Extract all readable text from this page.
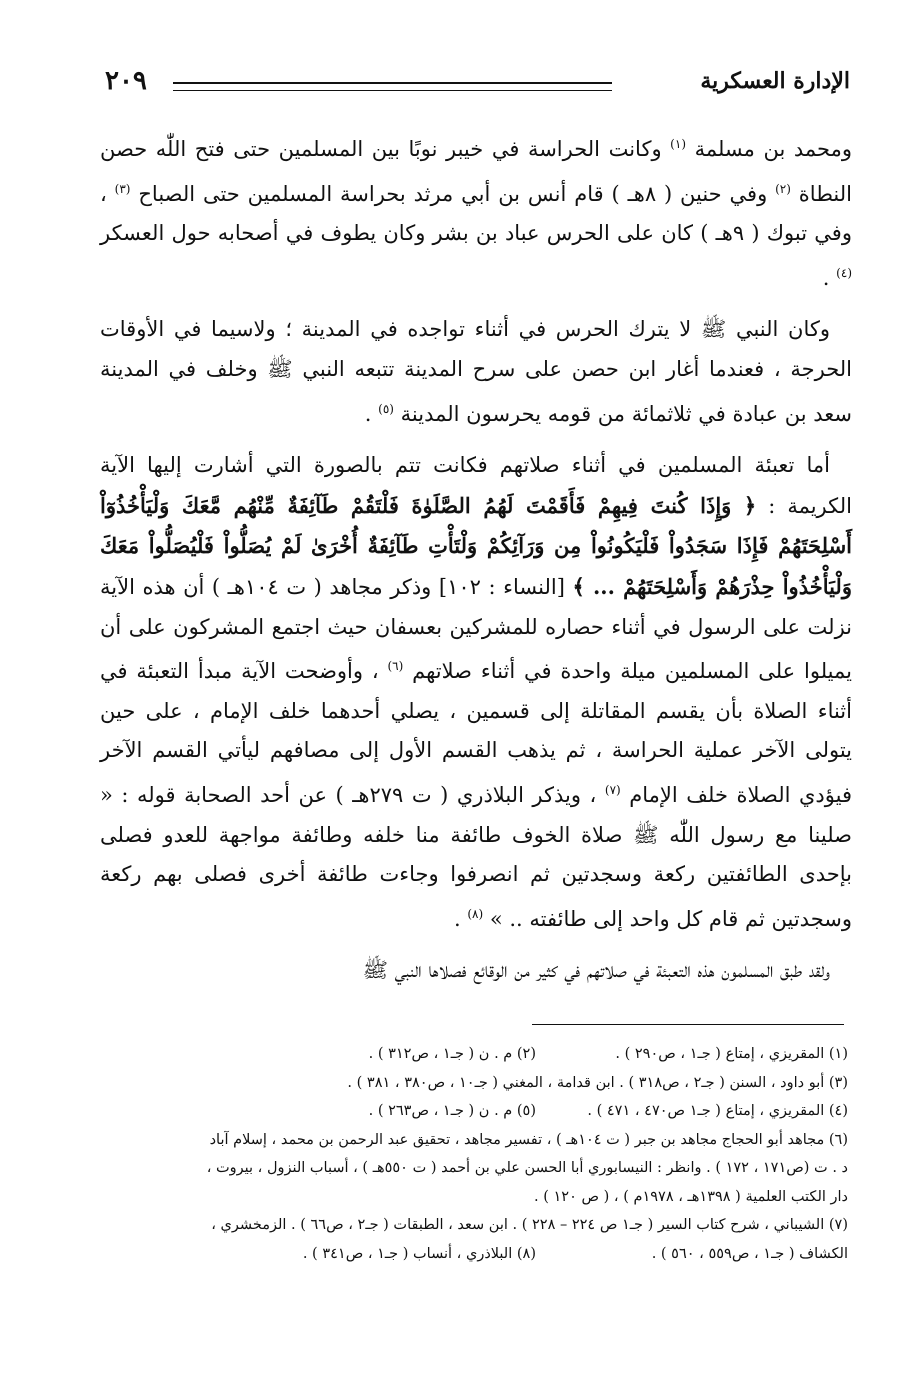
٢٠٩	الإدارة العسكرية

ومحمد بن مسلمة $^{(١)}$ وكانت الحراسة في خيبر نوبًا بين المسلمين حتى فتح اللّٰه حصن النطاة $^{(٢)}$ وفي حنين ( ٨هـ ) قام أنس بن أبي مرثد بحراسة المسلمين حتى الصباح $^{(٣)}$ ، وفي تبوك ( ٩هـ ) كان على الحرس عباد بن بشر وكان يطوف في أصحابه حول العسكر $^{(٤)}$ .

وكان النبي ﷺ لا يترك الحرس في أثناء تواجده في المدينة ؛ ولاسيما في الأوقات الحرجة ، فعندما أغار ابن حصن على سرح المدينة تتبعه النبي ﷺ وخلف في المدينة سعد بن عبادة في ثلاثمائة من قومه يحرسون المدينة $^{(٥)}$ .

أما تعبئة المسلمين في أثناء صلاتهم فكانت تتم بالصورة التي أشارت إليها الآية الكريمة : ﴿ وَإِذَا كُنتَ فِيهِمْ فَأَقَمْتَ لَهُمُ الصَّلَوٰةَ فَلْتَقُمْ طَآئِفَةٌ مِّنْهُم مَّعَكَ وَلْيَأْخُذُوٓاْ أَسْلِحَتَهُمْ فَإِذَا سَجَدُواْ فَلْيَكُونُواْ مِن وَرَآئِكُمْ وَلْتَأْتِ طَآئِفَةٌ أُخْرَىٰ لَمْ يُصَلُّواْ فَلْيُصَلُّواْ مَعَكَ وَلْيَأْخُذُواْ حِذْرَهُمْ وَأَسْلِحَتَهُمْ ... ﴾ [النساء : ١٠٢] وذكر مجاهد ( ت ١٠٤هـ ) أن هذه الآية نزلت على الرسول في أثناء حصاره للمشركين بعسفان حيث اجتمع المشركون على أن يميلوا على المسلمين ميلة واحدة في أثناء صلاتهم $^{(٦)}$ ، وأوضحت الآية مبدأ التعبئة في أثناء الصلاة بأن يقسم المقاتلة إلى قسمين ، يصلي أحدهما خلف الإمام ، على حين يتولى الآخر عملية الحراسة ، ثم يذهب القسم الأول إلى مصافهم ليأتي القسم الآخر فيؤدي الصلاة خلف الإمام $^{(٧)}$ ، ويذكر البلاذري ( ت ٢٧٩هـ ) عن أحد الصحابة قوله : « صلينا مع رسول اللّٰه ﷺ صلاة الخوف طائفة منا خلفه وطائفة مواجهة للعدو فصلى بإحدى الطائفتين ركعة وسجدتين ثم انصرفوا وجاءت طائفة أخرى فصلى بهم ركعة وسجدتين ثم قام كل واحد إلى طائفته .. » $^{(٨)}$ .

ولقد طبق المسلمون هذه التعبئة في صلاتهم في كثير من الوقائع فصلاها النبي ﷺ

(١) المقريزي ، إمتاع ( جـ١ ، ص٢٩٠ ) .(٢) م . ن ( جـ١ ، ص٣١٢ ) .
(٣) أبو داود ، السنن ( جـ٢ ، ص٣١٨ ) . ابن قدامة ، المغني ( جـ١٠ ، ص٣٨٠ ، ٣٨١ ) .
(٤) المقريزي ، إمتاع ( جـ١ ص٤٧٠ ، ٤٧١ ) .(٥) م . ن ( جـ١ ، ص٢٦٣ ) .
(٦) مجاهد أبو الحجاج مجاهد بن جبر ( ت ١٠٤هـ ) ، تفسير مجاهد ، تحقيق عبد الرحمن بن محمد ، إسلام آباد
د . ت (ص١٧١ ، ١٧٢ ) . وانظر : النيسابوري أبا الحسن علي بن أحمد ( ت ٥٥٠هـ ) ، أسباب النزول ، بيروت ،
دار الكتب العلمية ( ١٣٩٨هـ ، ١٩٧٨م ) ، ( ص ١٢٠ ) .
(٧) الشيباني ، شرح كتاب السير ( جـ١ ص ٢٢٤ – ٢٢٨ ) . ابن سعد ، الطبقات ( جـ٢ ، ص٦٦ ) . الزمخشري ،
الكشاف ( جـ١ ، ص٥٥٩ ، ٥٦٠ ) .(٨) البلاذري ، أنساب ( جـ١ ، ص٣٤١ ) .
